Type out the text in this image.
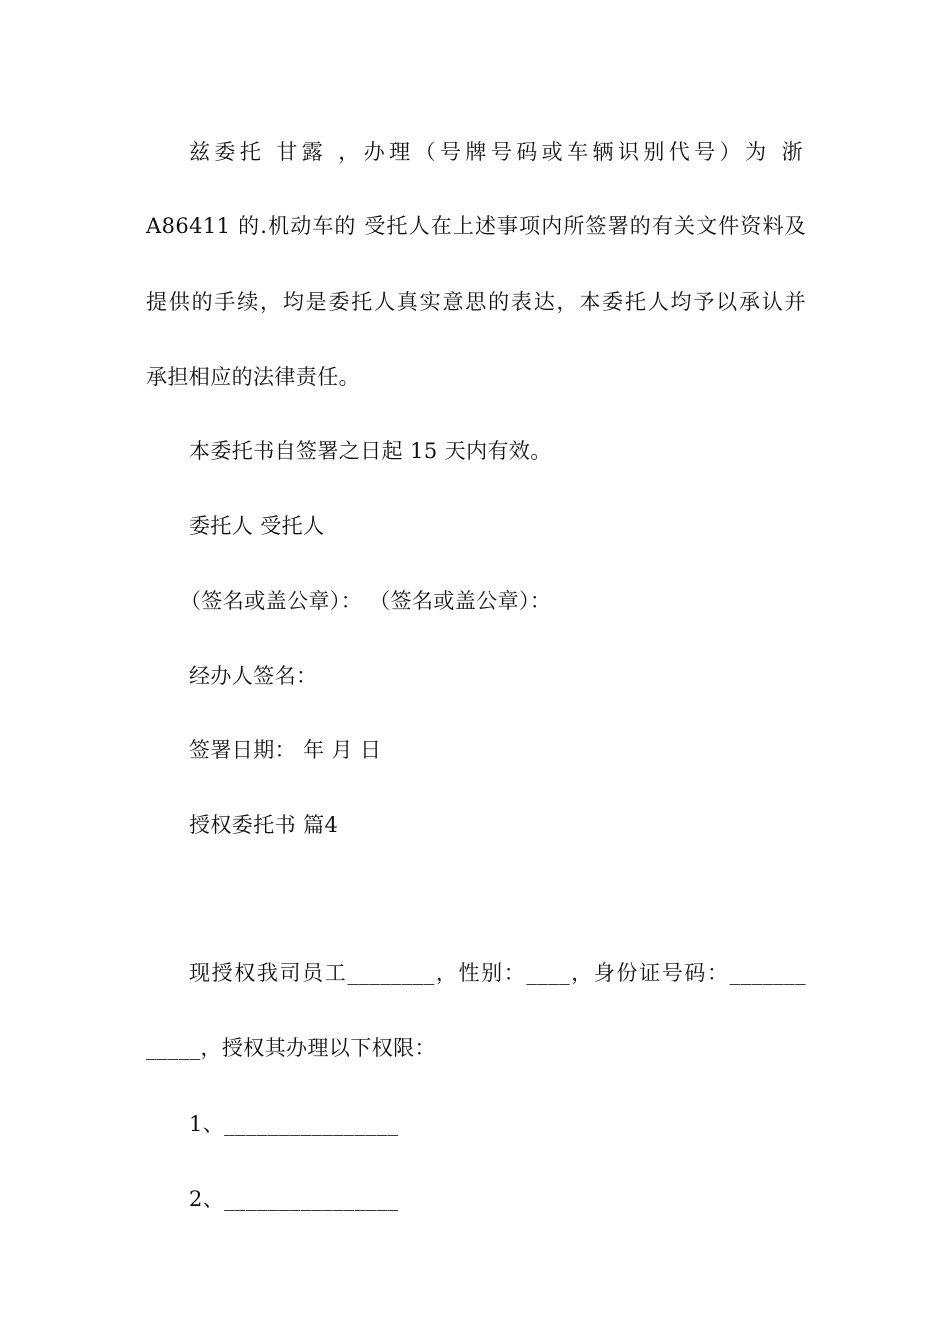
兹委托 甘露 ，办理（号牌号码或车辆识别代号）为 浙
A86411 的.机动车的 受托人在上述事项内所签署的有关文件资料及
提供的手续，均是委托人真实意思的表达，本委托人均予以承认并
承担相应的法律责任。
本委托书自签署之日起 15 天内有效。
委托人 受托人
（签名或盖公章）： （签名或盖公章）：
经办人签名：
签署日期： 年 月 日
授权委托书 篇4
现授权我司员工________，性别：____，身份证号码：_______
_____，授权其办理以下权限：
1、________________
2、________________
